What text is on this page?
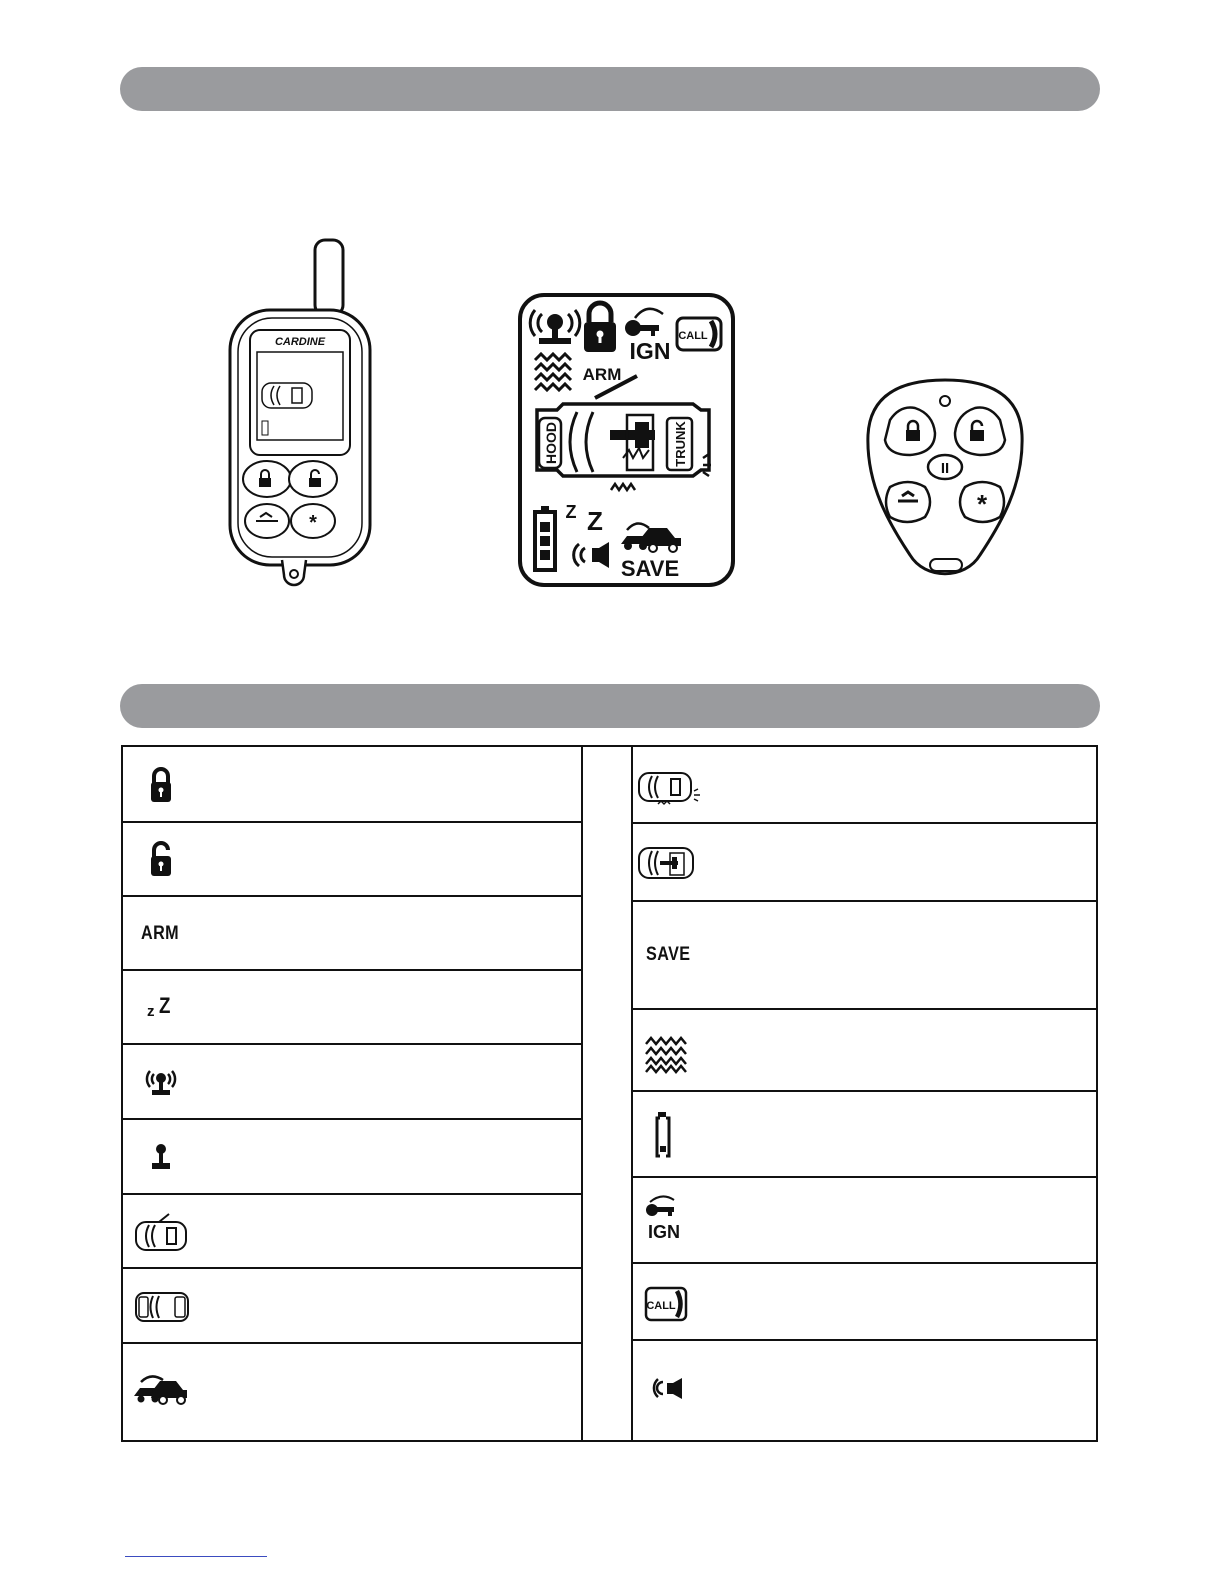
CARDINE
*
IGN
CALL
ARM
HOOD	TRUNK
Z Z
SAVE
II
*
ARM
z Z
SAVE
IGN
CALL
